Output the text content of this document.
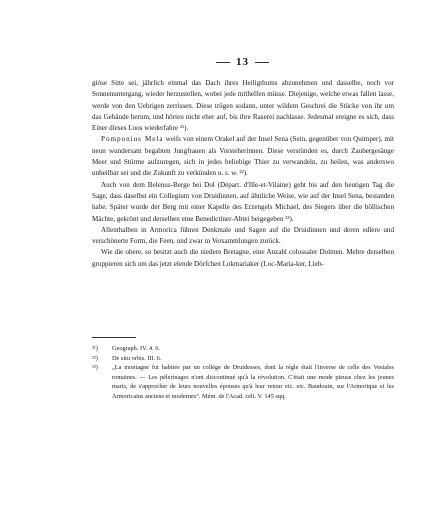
13

gióse Sitte sei, jährlich einmal das Dach ihres Heiligthums abzunehmen und dasselbe, noch vor Sonnenuntergang, wieder herzustellen, wobei jede mithelfen müsse. Diejenige, welche etwas fallen lasse, werde von den Uebrigen zerrissen. Diese trügen sodann, unter wildem Geschrei die Stücke von ihr um das Gebäude herum, und hörten nicht eher auf, bis ihre Raserei nachlasse. Jedesmal ereigne es sich, dass Einer dieses Loos wiederfahre ²¹).

Pomponius Mela weifs von einem Orakel auf der Insel Sena (Sein, gegenüber von Quimper), mit neun wundersam begabten Jungfrauen als Vorsteherinnen. Diese verstünden es, durch Zaubergesänge Meer und Stürme aufzuregen, sich in jedes beliebige Thier zu verwandeln, zu heilen, was anderswo unheilbar sei und die Zukunft zu verkünden u. s. w. ²²).

Auch von dem Belenus-Berge bei Dol (Départ. d'Ille-et-Vilaine) geht bis auf den heutigen Tag die Sage, dass daselbst ein Collegium von Druidinnen, auf ähnliche Weise, wie auf der Insel Sena, bestanden habe. Später wurde der Berg mit einer Kapelle des Erzengels Michael, des Siegers über die höllischen Mächte, gekrönt und derselben eine Benedictiner-Abtei beigegeben ²³).

Allenthalben in Armorica führen Denkmale und Sagen auf die Druidinnen und deren edlere und verschönerte Form, die Feen, und zwar in Versammlungen zurück.

Wie die obere, so besitzt auch die niedere Bretagne, eine Anzahl colossaler Dolmen. Mehre derselben gruppieren sich um das jetzt elende Dörfchen Lokmariaker (Loc-Maria-ker, Lieb-

²¹)	Geograph. IV. 4. 6.
²²)	De situ orbis. III. 6.
²³)	„La montagne fut habitée par un collége de Druidesses, dont la règle était l'inverse de celle des Vestales romaines. — Les pélerinages n'ont discontinué qu'à la révolution. C'était une mode pieuse chez les jeunes maris, de s'approcher de leurs nouvelles épouses qu'à leur retour etc. etc. Baudouin, sur l'Armorique et les Armoricains anciens et modernes“. Mém. de l'Acad. celt. V. 145 sqq.
